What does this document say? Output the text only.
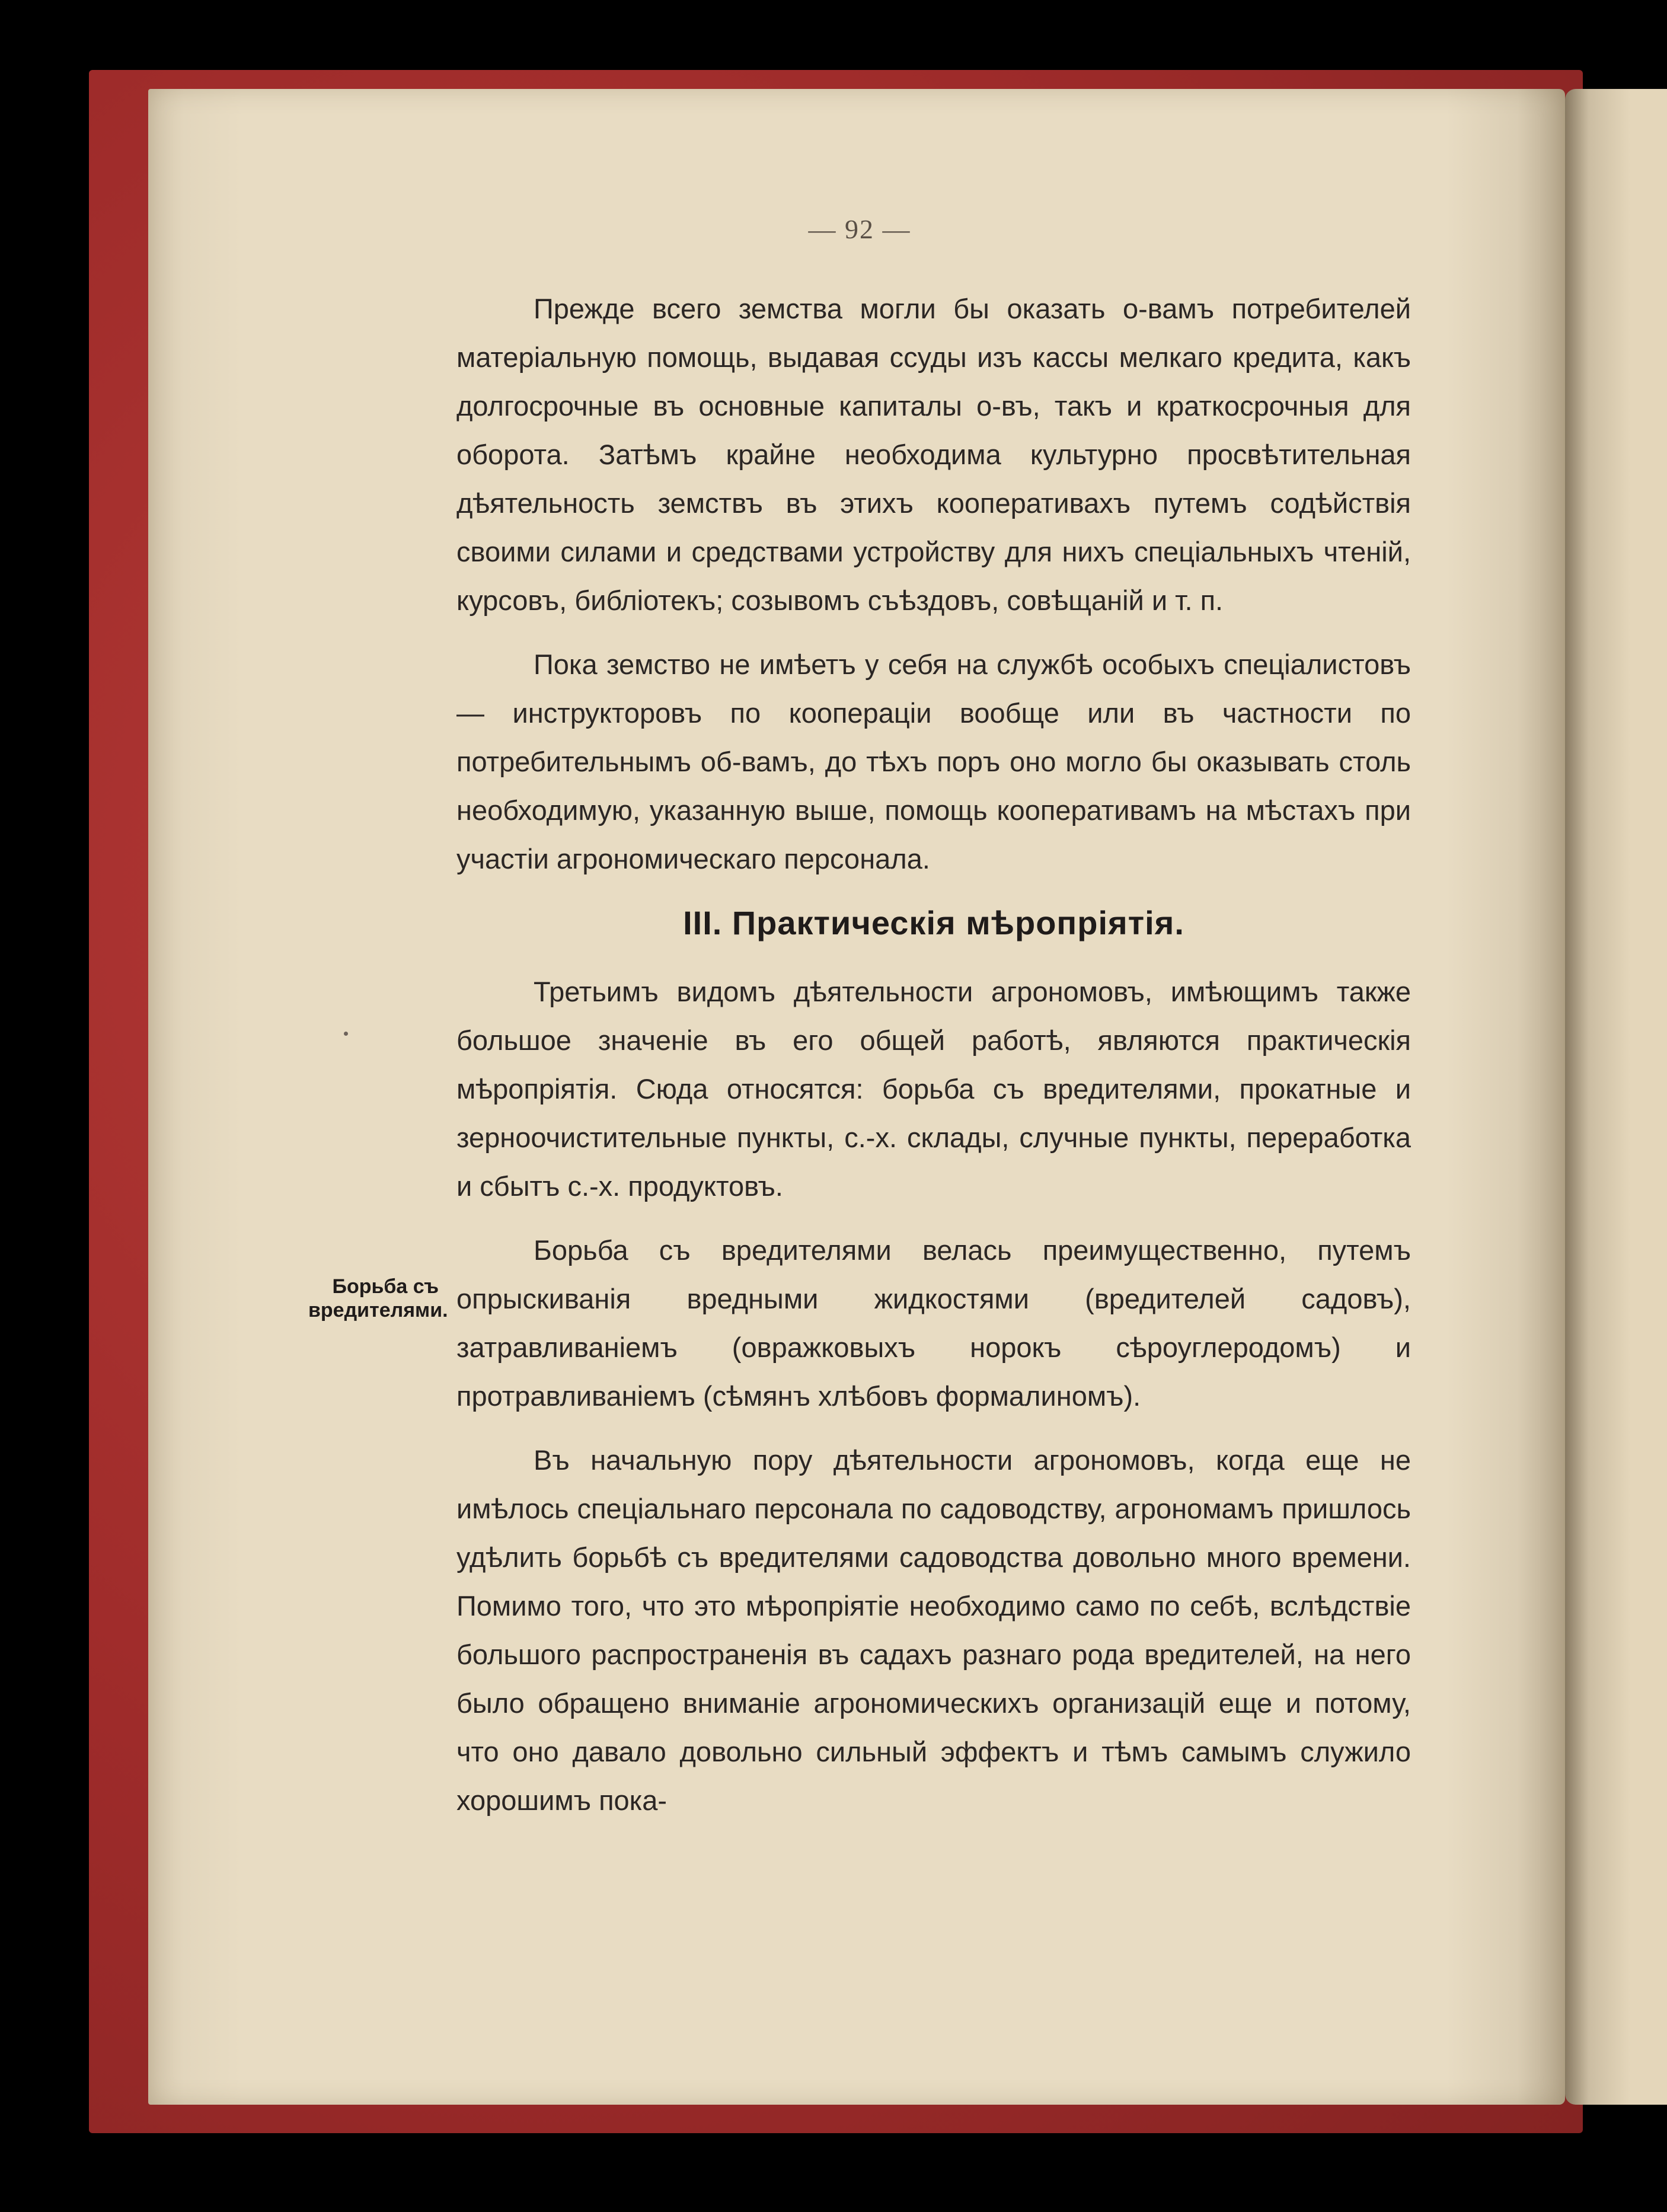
— 92 —
Борьба съ вредителями.

Прежде всего земства могли бы оказать о-вамъ потребителей матеріальную помощь, выдавая ссуды изъ кассы мелкаго кредита, какъ долгосрочные въ основные капиталы о-въ, такъ и краткосрочныя для оборота. Затѣмъ крайне необходима культурно просвѣтительная дѣятельность земствъ въ этихъ кооперативахъ путемъ содѣйствія своими силами и средствами устройству для нихъ спеціальныхъ чтеній, курсовъ, библіотекъ; созывомъ съѣздовъ, совѣщаній и т. п.

Пока земство не имѣетъ у себя на службѣ особыхъ спеціалистовъ — инструкторовъ по коопераціи вообще или въ частности по потребительнымъ об-вамъ, до тѣхъ поръ оно могло бы оказывать столь необходимую, указанную выше, помощь кооперативамъ на мѣстахъ при участіи агрономическаго персонала.

III. Практическія мѣропріятія.

Третьимъ видомъ дѣятельности агрономовъ, имѣющимъ также большое значеніе въ его общей работѣ, являются практическія мѣропріятія. Сюда относятся: борьба съ вредителями, прокатные и зерноочистительные пункты, с.-х. склады, случные пункты, переработка и сбытъ с.-х. продуктовъ.

Борьба съ вредителями велась преимущественно, путемъ опрыскиванія вредными жидкостями (вредителей садовъ), затравливаніемъ (овражковыхъ норокъ сѣроуглеродомъ) и протравливаніемъ (сѣмянъ хлѣбовъ формалиномъ).

Въ начальную пору дѣятельности агрономовъ, когда еще не имѣлось спеціальнаго персонала по садоводству, агрономамъ пришлось удѣлить борьбѣ съ вредителями садоводства довольно много времени. Помимо того, что это мѣропріятіе необходимо само по себѣ, вслѣдствіе большого распространенія въ садахъ разнаго рода вредителей, на него было обращено вниманіе агрономическихъ организацій еще и потому, что оно давало довольно сильный эффектъ и тѣмъ самымъ служило хорошимъ пока-
